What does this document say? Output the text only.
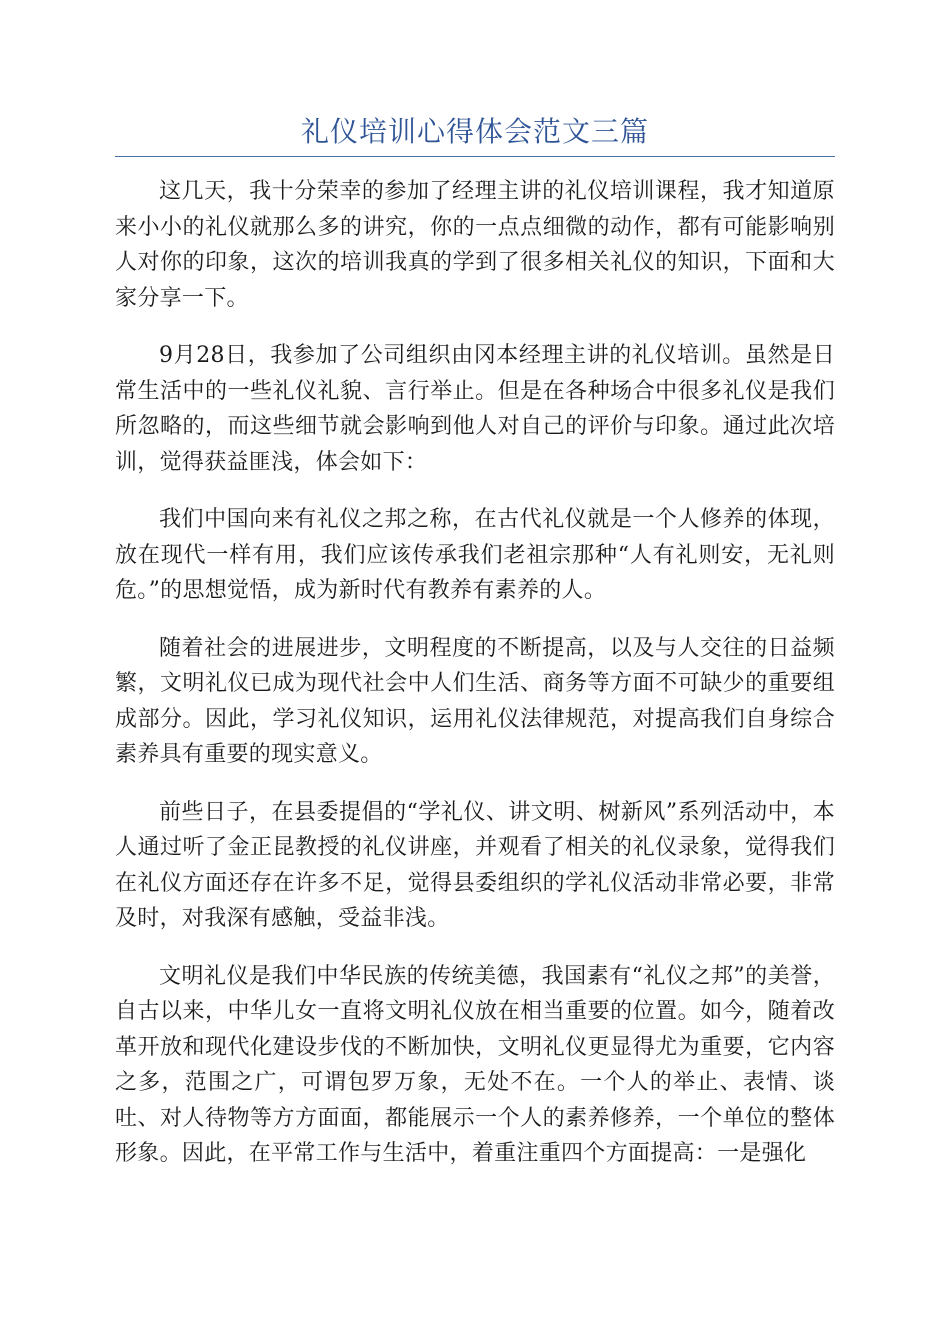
礼仪培训心得体会范文三篇

这几天，我十分荣幸的参加了经理主讲的礼仪培训课程，我才知道原来小小的礼仪就那么多的讲究，你的一点点细微的动作，都有可能影响别人对你的印象，这次的培训我真的学到了很多相关礼仪的知识，下面和大家分享一下。

9月28日，我参加了公司组织由冈本经理主讲的礼仪培训。虽然是日常生活中的一些礼仪礼貌、言行举止。但是在各种场合中很多礼仪是我们所忽略的，而这些细节就会影响到他人对自己的评价与印象。通过此次培训，觉得获益匪浅，体会如下：

我们中国向来有礼仪之邦之称，在古代礼仪就是一个人修养的体现，放在现代一样有用，我们应该传承我们老祖宗那种“人有礼则安，无礼则危。”的思想觉悟，成为新时代有教养有素养的人。

随着社会的进展进步，文明程度的不断提高，以及与人交往的日益频繁，文明礼仪已成为现代社会中人们生活、商务等方面不可缺少的重要组成部分。因此，学习礼仪知识，运用礼仪法律规范，对提高我们自身综合素养具有重要的现实意义。

前些日子，在县委提倡的“学礼仪、讲文明、树新风”系列活动中，本人通过听了金正昆教授的礼仪讲座，并观看了相关的礼仪录象，觉得我们在礼仪方面还存在许多不足，觉得县委组织的学礼仪活动非常必要，非常及时，对我深有感触，受益非浅。

文明礼仪是我们中华民族的传统美德，我国素有“礼仪之邦”的美誉，自古以来，中华儿女一直将文明礼仪放在相当重要的位置。如今，随着改革开放和现代化建设步伐的不断加快，文明礼仪更显得尤为重要，它内容之多，范围之广，可谓包罗万象，无处不在。一个人的举止、表情、谈吐、对人待物等方方面面，都能展示一个人的素养修养，一个单位的整体形象。因此，在平常工作与生活中，着重注重四个方面提高：一是强化
